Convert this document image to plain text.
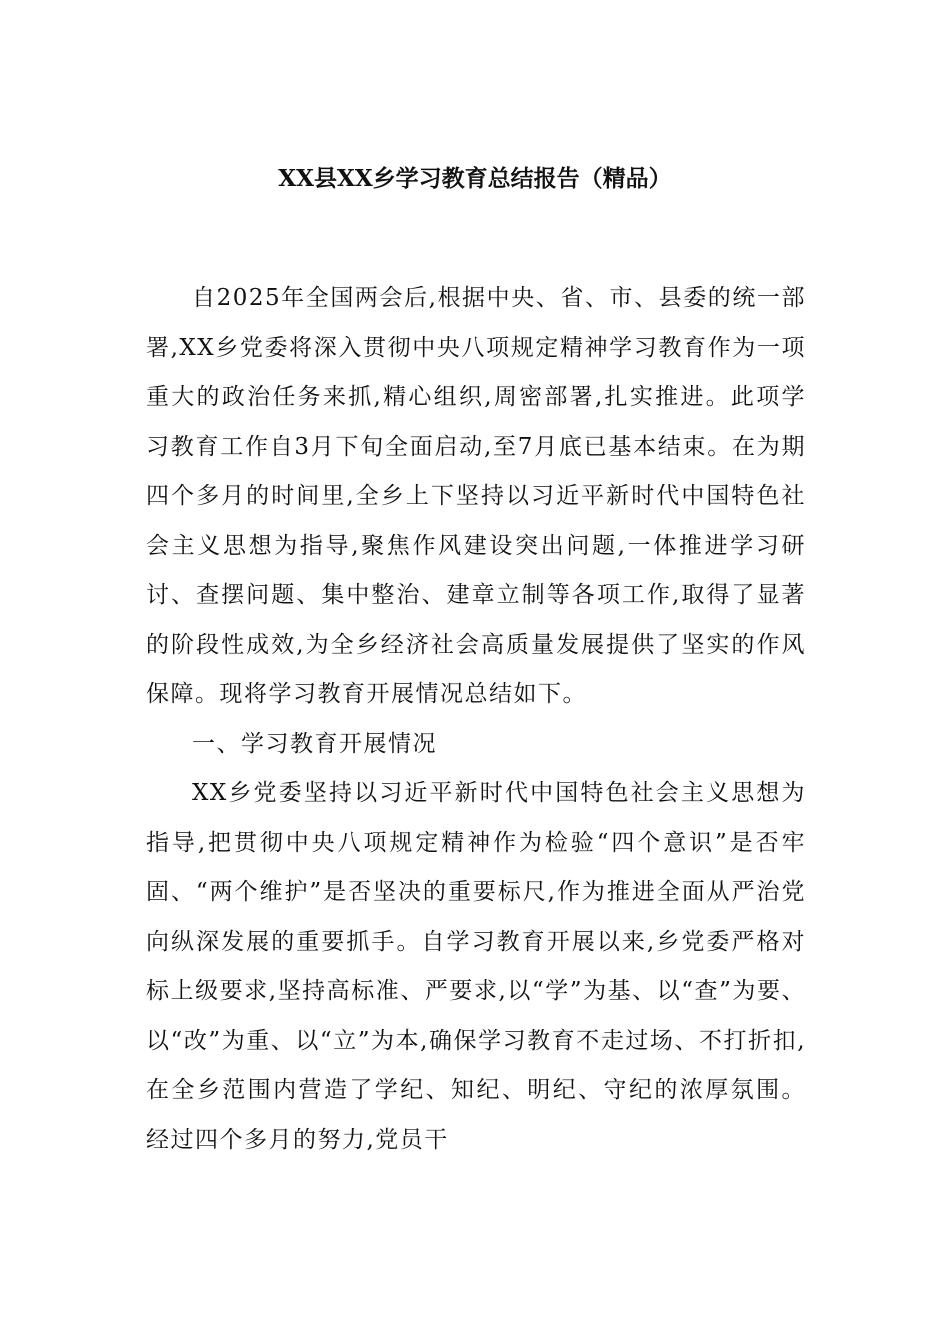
XX县XX乡学习教育总结报告（精品）

自2025年全国两会后,根据中央、省、市、县委的统一部署,XX乡党委将深入贯彻中央八项规定精神学习教育作为一项重大的政治任务来抓,精心组织,周密部署,扎实推进。此项学习教育工作自3月下旬全面启动,至7月底已基本结束。在为期四个多月的时间里,全乡上下坚持以习近平新时代中国特色社会主义思想为指导,聚焦作风建设突出问题,一体推进学习研讨、查摆问题、集中整治、建章立制等各项工作,取得了显著的阶段性成效,为全乡经济社会高质量发展提供了坚实的作风保障。现将学习教育开展情况总结如下。

一、学习教育开展情况

XX乡党委坚持以习近平新时代中国特色社会主义思想为指导,把贯彻中央八项规定精神作为检验“四个意识”是否牢固、“两个维护”是否坚决的重要标尺,作为推进全面从严治党向纵深发展的重要抓手。自学习教育开展以来,乡党委严格对标上级要求,坚持高标准、严要求,以“学”为基、以“查”为要、以“改”为重、以“立”为本,确保学习教育不走过场、不打折扣,在全乡范围内营造了学纪、知纪、明纪、守纪的浓厚氛围。经过四个多月的努力,党员干
